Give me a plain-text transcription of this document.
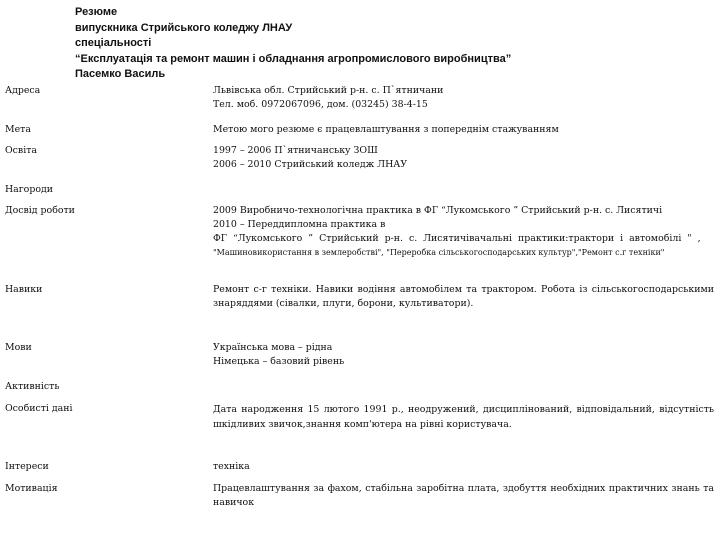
Резюме
випускника Стрийського коледжу ЛНАУ
спеціальності
“Експлуатація та ремонт машин і обладнання агропромислового виробництва”
Пасемко Василь
Адреса	Львівська обл. Стрийський р-н. с. П`ятничани
Тел. моб. 0972067096, дом. (03245) 38-4-15
Мета	Метою мого резюме є працевлаштування з попереднім стажуванням
Освіта	1997 – 2006 П`ятничанську ЗОШ
2006 – 2010 Стрийський коледж ЛНАУ
Нагороди
Досвід роботи	2009 Виробничо-технологічна практика в ФГ “Лукомського ” Стрийський р-н. с. Лисятичі
2010 – Переддипломна практика в
ФГ “Лукомського ” Стрийський р-н. с. Лисятичівачальні практики:трактори і автомобілі " ,
"Машиновикористання в землеробстві", "Переробка сільськогосподарських культур","Ремонт с.г техніки"
Навики	Ремонт с-г техніки. Навики водіння автомобілем та трактором. Робота із сільськогосподарськими знаряддями (сівалки, плуги, борони, культиватори).
Мови	Українська мова – рідна
Німецька – базовий рівень
Активність
Особисті дані	Дата народження 15 лютого 1991 р., неодружений, дисциплінований, відповідальний, відсутність шкідливих звичок,знання комп'ютера на рівні користувача.
Інтереси	техніка
Мотивація	Працевлаштування за фахом, стабільна заробітна плата, здобуття необхідних практичних знань та навичок
